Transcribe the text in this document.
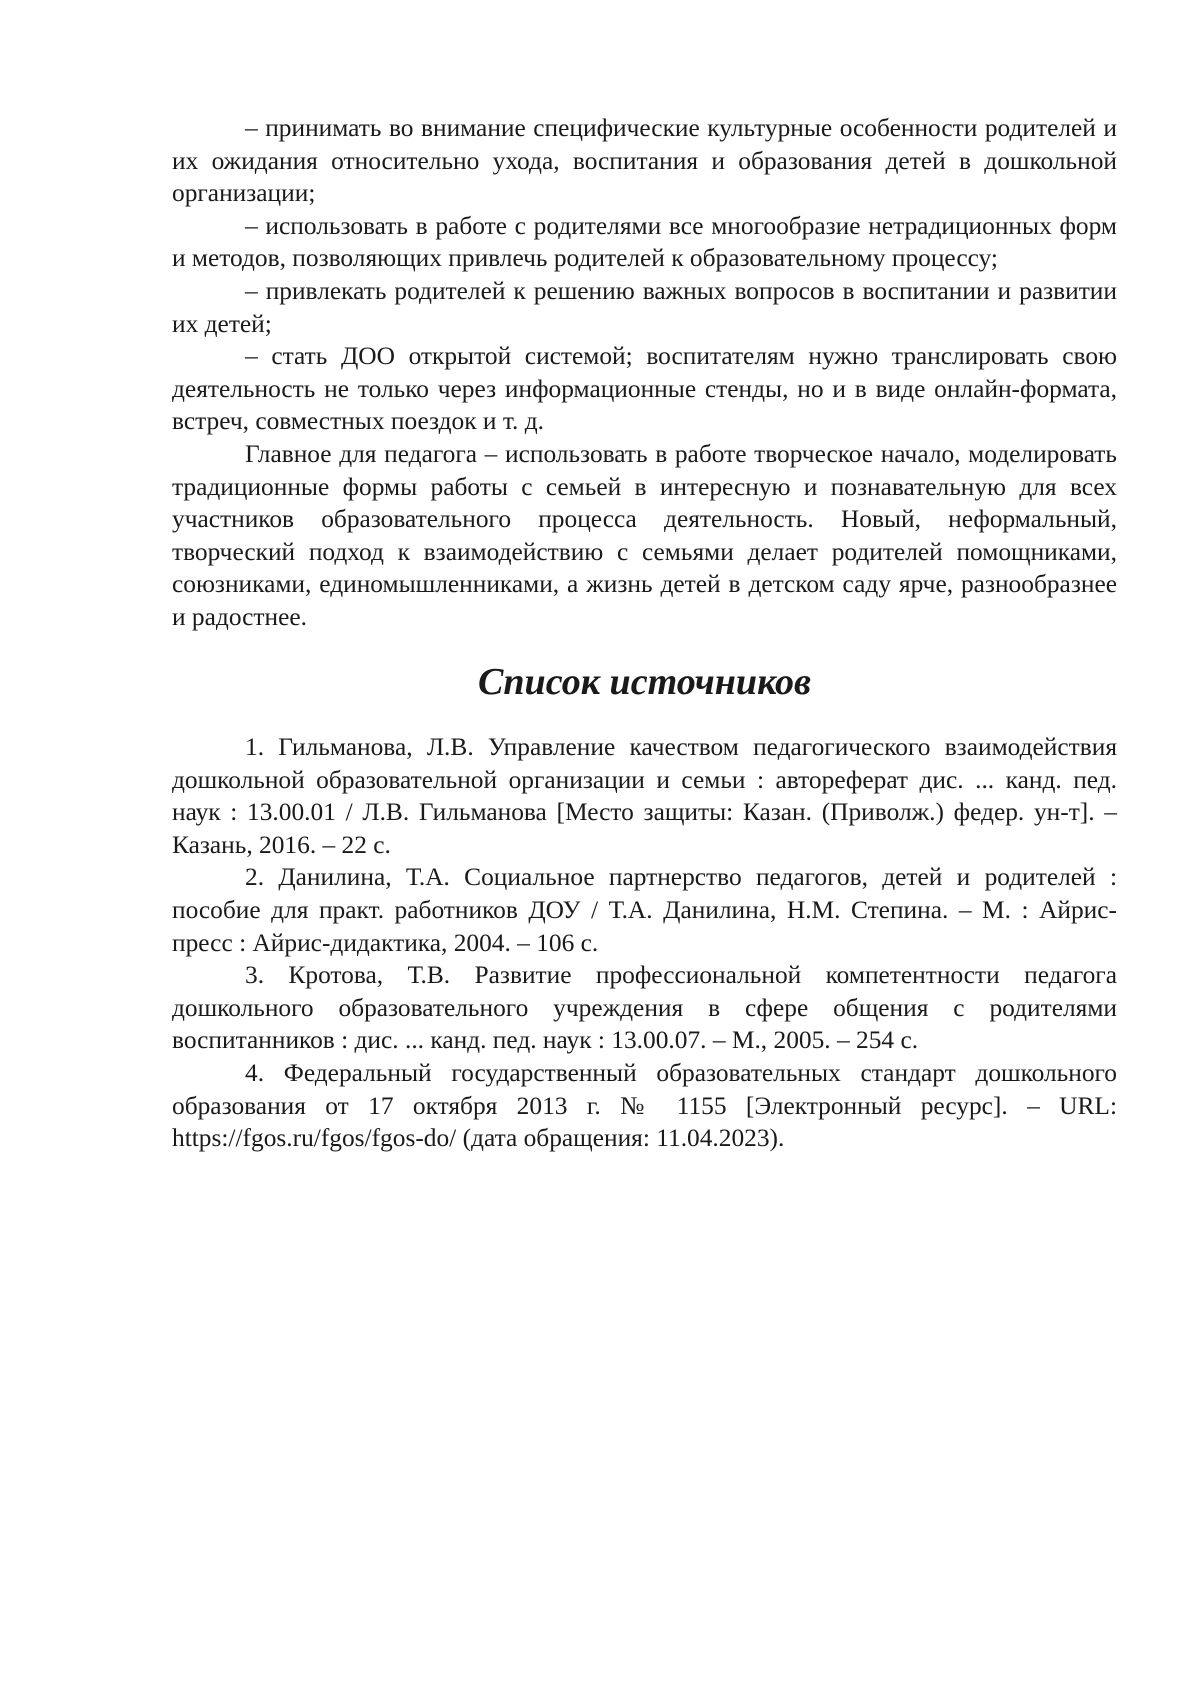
– принимать во внимание специфические культурные особенности родителей и их ожидания относительно ухода, воспитания и образования детей в дошкольной организации;

– использовать в работе с родителями все многообразие нетрадиционных форм и методов, позволяющих привлечь родителей к образовательному процессу;

– привлекать родителей к решению важных вопросов в воспитании и развитии их детей;

– стать ДОО открытой системой; воспитателям нужно транслировать свою деятельность не только через информационные стенды, но и в виде онлайн-формата, встреч, совместных поездок и т. д.

Главное для педагога – использовать в работе творческое начало, моделировать традиционные формы работы с семьей в интересную и познавательную для всех участников образовательного процесса деятельность. Новый, неформальный, творческий подход к взаимодействию с семьями делает родителей помощниками, союзниками, единомышленниками, а жизнь детей в детском саду ярче, разнообразнее и радостнее.

Список источников
1. Гильманова, Л.В. Управление качеством педагогического взаимодействия дошкольной образовательной организации и семьи : автореферат дис. ... канд. пед. наук : 13.00.01 / Л.В. Гильманова [Место защиты: Казан. (Приволж.) федер. ун-т]. – Казань, 2016. – 22 с.
2. Данилина, Т.А. Социальное партнерство педагогов, детей и родителей : пособие для практ. работников ДОУ / Т.А. Данилина, Н.М. Степина. – М. : Айрис-пресс : Айрис-дидактика, 2004. – 106 с.
3. Кротова, Т.В. Развитие профессиональной компетентности педагога дошкольного образовательного учреждения в сфере общения с родителями воспитанников : дис. ... канд. пед. наук : 13.00.07. – М., 2005. – 254 с.
4. Федеральный государственный образовательных стандарт дошкольного образования от 17 октября 2013 г. № 1155 [Электронный ресурс]. – URL: https://fgos.ru/fgos/fgos-do/ (дата обращения: 11.04.2023).
